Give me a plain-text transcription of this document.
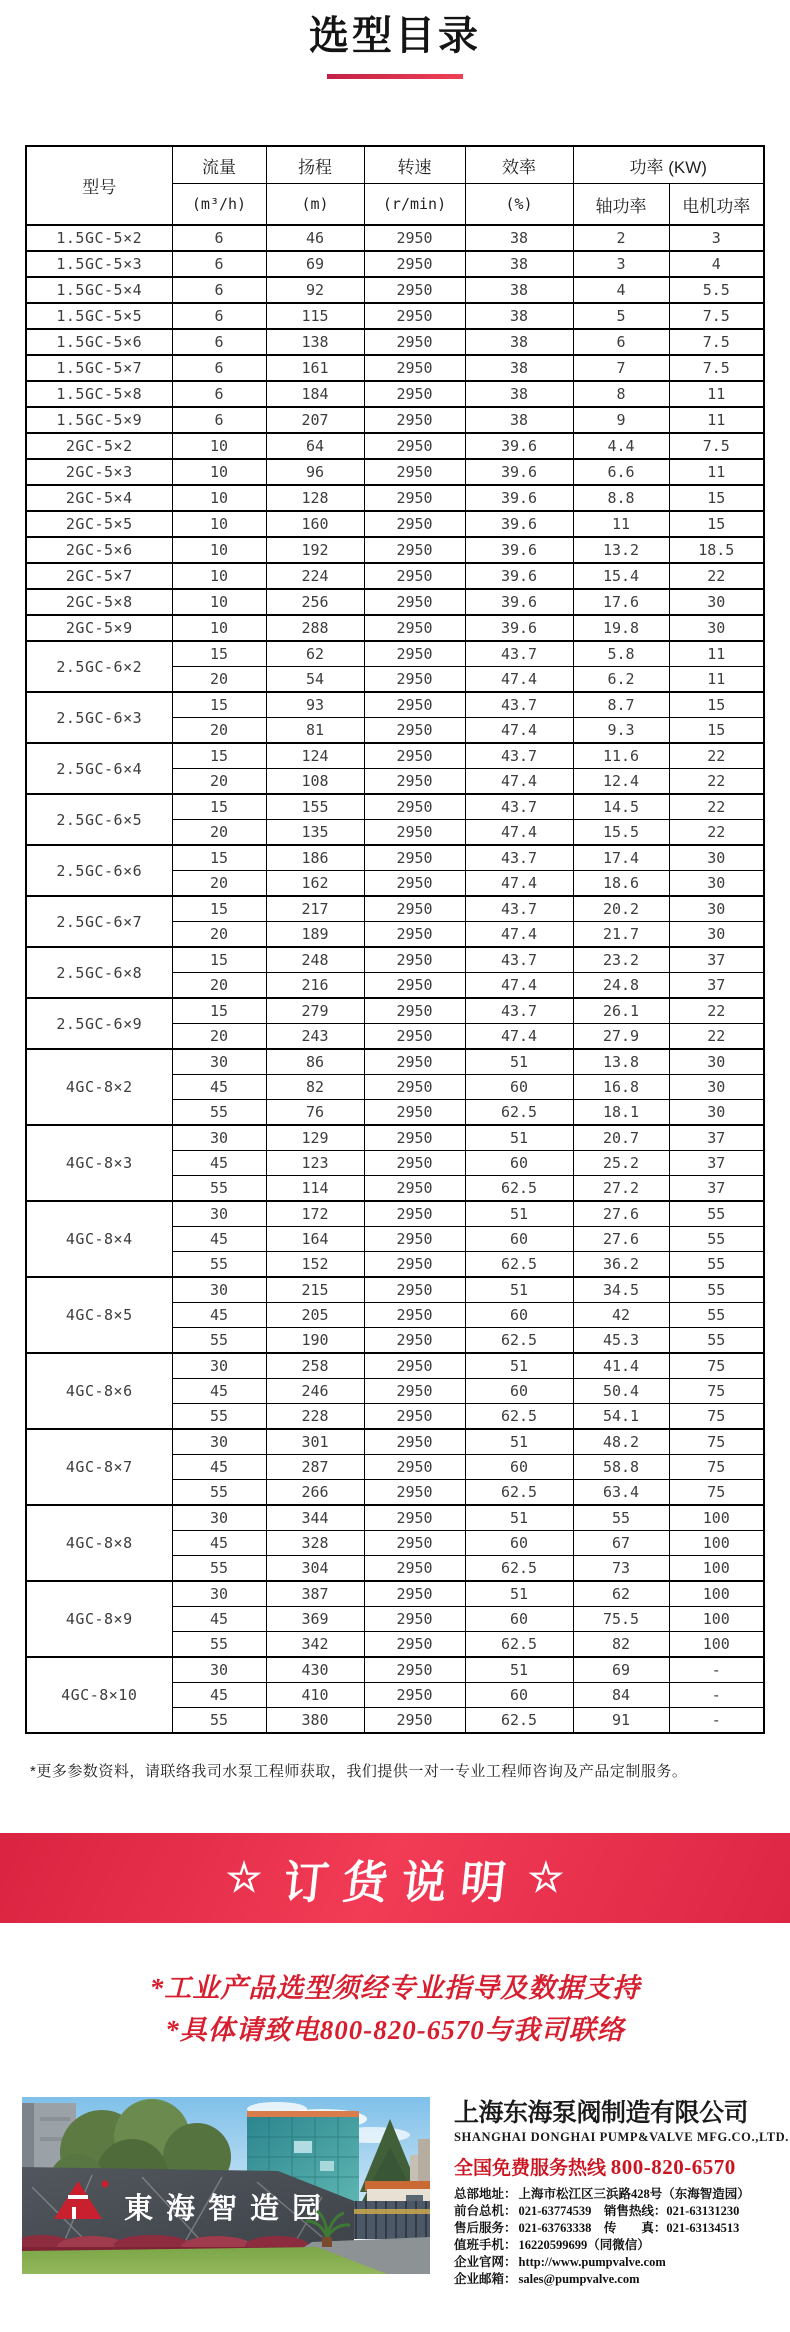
选型目录
型号	流量	扬程	转速	效率	功率 (KW)	
	(m³/h)	(m)	(r/min)	(%)	轴功率	电机功率
1.5GC-5×2	6	46	2950	38	2	3
1.5GC-5×3	6	69	2950	38	3	4
1.5GC-5×4	6	92	2950	38	4	5.5
1.5GC-5×5	6	115	2950	38	5	7.5
1.5GC-5×6	6	138	2950	38	6	7.5
1.5GC-5×7	6	161	2950	38	7	7.5
1.5GC-5×8	6	184	2950	38	8	11
1.5GC-5×9	6	207	2950	38	9	11
2GC-5×2	10	64	2950	39.6	4.4	7.5
2GC-5×3	10	96	2950	39.6	6.6	11
2GC-5×4	10	128	2950	39.6	8.8	15
2GC-5×5	10	160	2950	39.6	11	15
2GC-5×6	10	192	2950	39.6	13.2	18.5
2GC-5×7	10	224	2950	39.6	15.4	22
2GC-5×8	10	256	2950	39.6	17.6	30
2GC-5×9	10	288	2950	39.6	19.8	30
2.5GC-6×2	15	62	2950	43.7	5.8	11
	20	54	2950	47.4	6.2	11
2.5GC-6×3	15	93	2950	43.7	8.7	15
	20	81	2950	47.4	9.3	15
2.5GC-6×4	15	124	2950	43.7	11.6	22
	20	108	2950	47.4	12.4	22
2.5GC-6×5	15	155	2950	43.7	14.5	22
	20	135	2950	47.4	15.5	22
2.5GC-6×6	15	186	2950	43.7	17.4	30
	20	162	2950	47.4	18.6	30
2.5GC-6×7	15	217	2950	43.7	20.2	30
	20	189	2950	47.4	21.7	30
2.5GC-6×8	15	248	2950	43.7	23.2	37
	20	216	2950	47.4	24.8	37
2.5GC-6×9	15	279	2950	43.7	26.1	22
	20	243	2950	47.4	27.9	22
4GC-8×2	30	86	2950	51	13.8	30
	45	82	2950	60	16.8	30
	55	76	2950	62.5	18.1	30
4GC-8×3	30	129	2950	51	20.7	37
	45	123	2950	60	25.2	37
	55	114	2950	62.5	27.2	37
4GC-8×4	30	172	2950	51	27.6	55
	45	164	2950	60	27.6	55
	55	152	2950	62.5	36.2	55
4GC-8×5	30	215	2950	51	34.5	55
	45	205	2950	60	42	55
	55	190	2950	62.5	45.3	55
4GC-8×6	30	258	2950	51	41.4	75
	45	246	2950	60	50.4	75
	55	228	2950	62.5	54.1	75
4GC-8×7	30	301	2950	51	48.2	75
	45	287	2950	60	58.8	75
	55	266	2950	62.5	63.4	75
4GC-8×8	30	344	2950	51	55	100
	45	328	2950	60	67	100
	55	304	2950	62.5	73	100
4GC-8×9	30	387	2950	51	62	100
	45	369	2950	60	75.5	100
	55	342	2950	62.5	82	100
4GC-8×10	30	430	2950	51	69	-
	45	410	2950	60	84	-
	55	380	2950	62.5	91	-

*更多参数资料，请联络我司水泵工程师获取，我们提供一对一专业工程师咨询及产品定制服务。

☆ 订货说明 ☆

*工业产品选型须经专业指导及数据支持

*具体请致电800-820-6570与我司联络

東海智造园

上海东海泵阀制造有限公司

SHANGHAI DONGHAI PUMP&VALVE MFG.CO.,LTD.

全国免费服务热线 800-820-6570

总部地址： 上海市松江区三浜路428号（东海智造园）
前台总机： 021-63774539　销售热线：021-63131230
售后服务： 021-63763338　传　　真：021-63134513
值班手机： 16220599699（同微信）
企业官网： http://www.pumpvalve.com
企业邮箱： sales@pumpvalve.com
